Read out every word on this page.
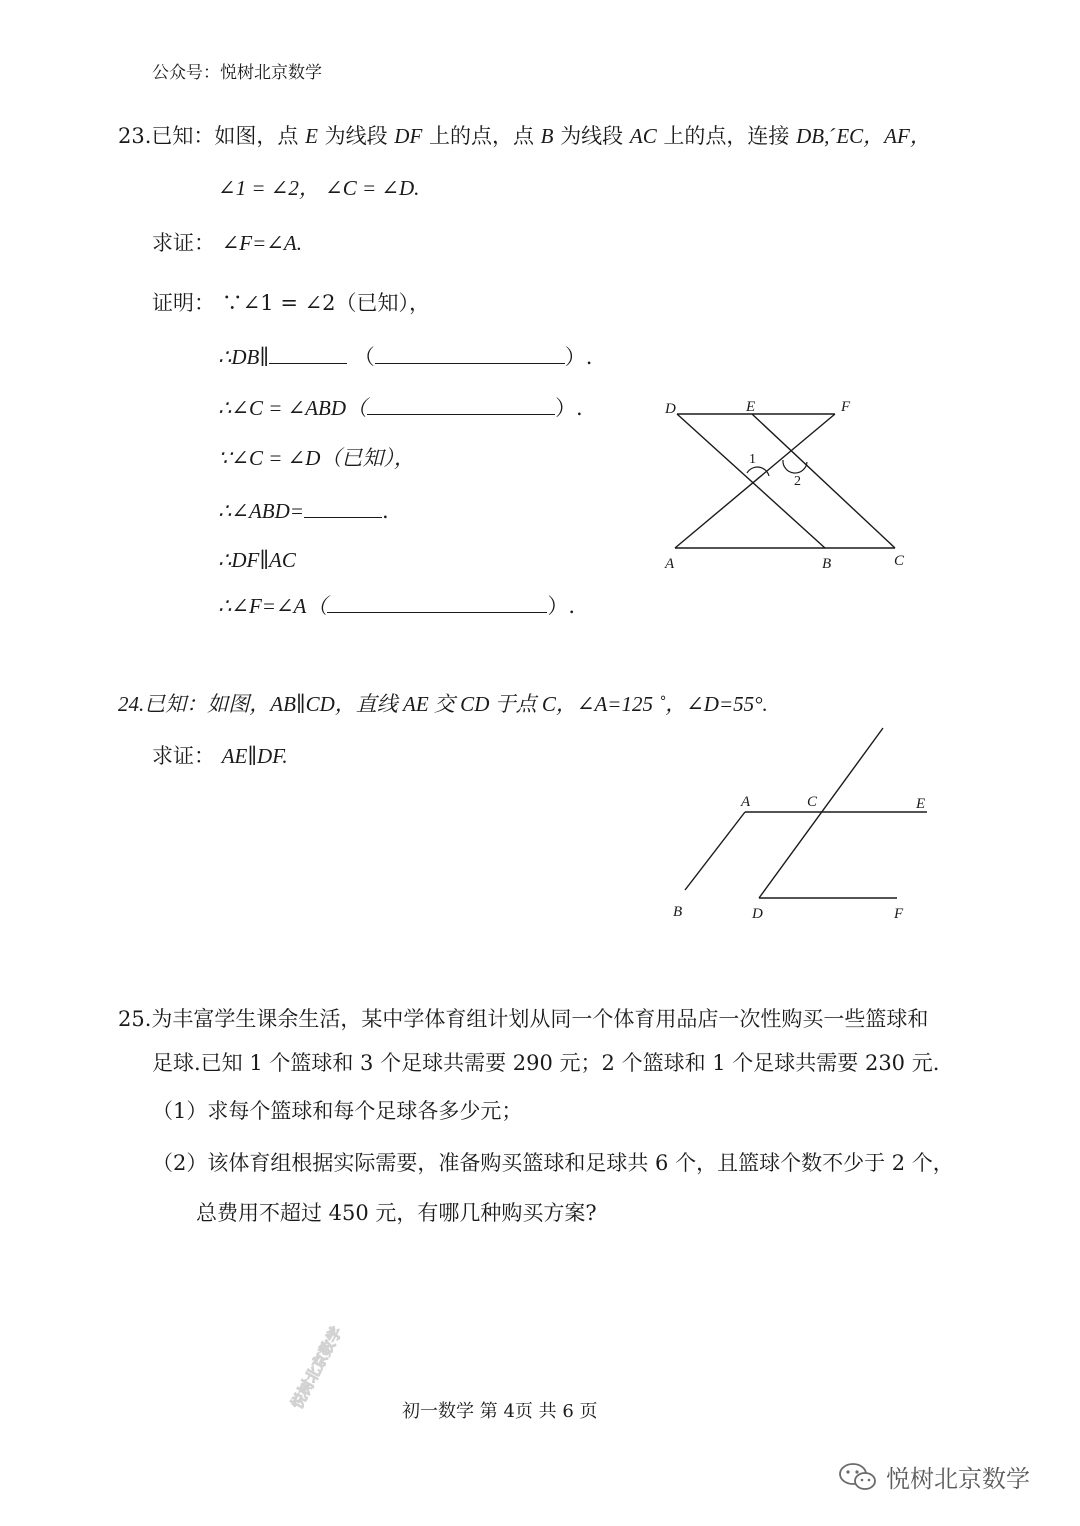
悦树北京数学
公众号：悦树北京数学
23.已知：如图，点 E 为线段 DF 上的点，点 B 为线段 AC 上的点，连接 DB,ˊEC，AF，
∠1 = ∠2， ∠C = ∠D.
求证： ∠F=∠A.
证明： ∵∠1 = ∠2（已知），
∴DB∥	（	）.
∴∠C = ∠ABD（	）.
∵∠C = ∠D（已知），
∴∠ABD=	.
∴DF∥AC
∴∠F=∠A（	）.
D	E	F
1
2
A	B	C
24.已知：如图，AB∥CD，直线 AE 交 CD 于点 C，∠A=125 ˚，∠D=55°.
求证： AE∥DF.
A	C	E
B	D	F
25.为丰富学生课余生活，某中学体育组计划从同一个体育用品店一次性购买一些篮球和
足球.已知 1 个篮球和 3 个足球共需要 290 元；2 个篮球和 1 个足球共需要 230 元.
（1）求每个篮球和每个足球各多少元；
（2）该体育组根据实际需要，准备购买篮球和足球共 6 个，且篮球个数不少于 2 个，
总费用不超过 450 元，有哪几种购买方案?
初一数学 第 4页 共 6 页
悦树北京数学
